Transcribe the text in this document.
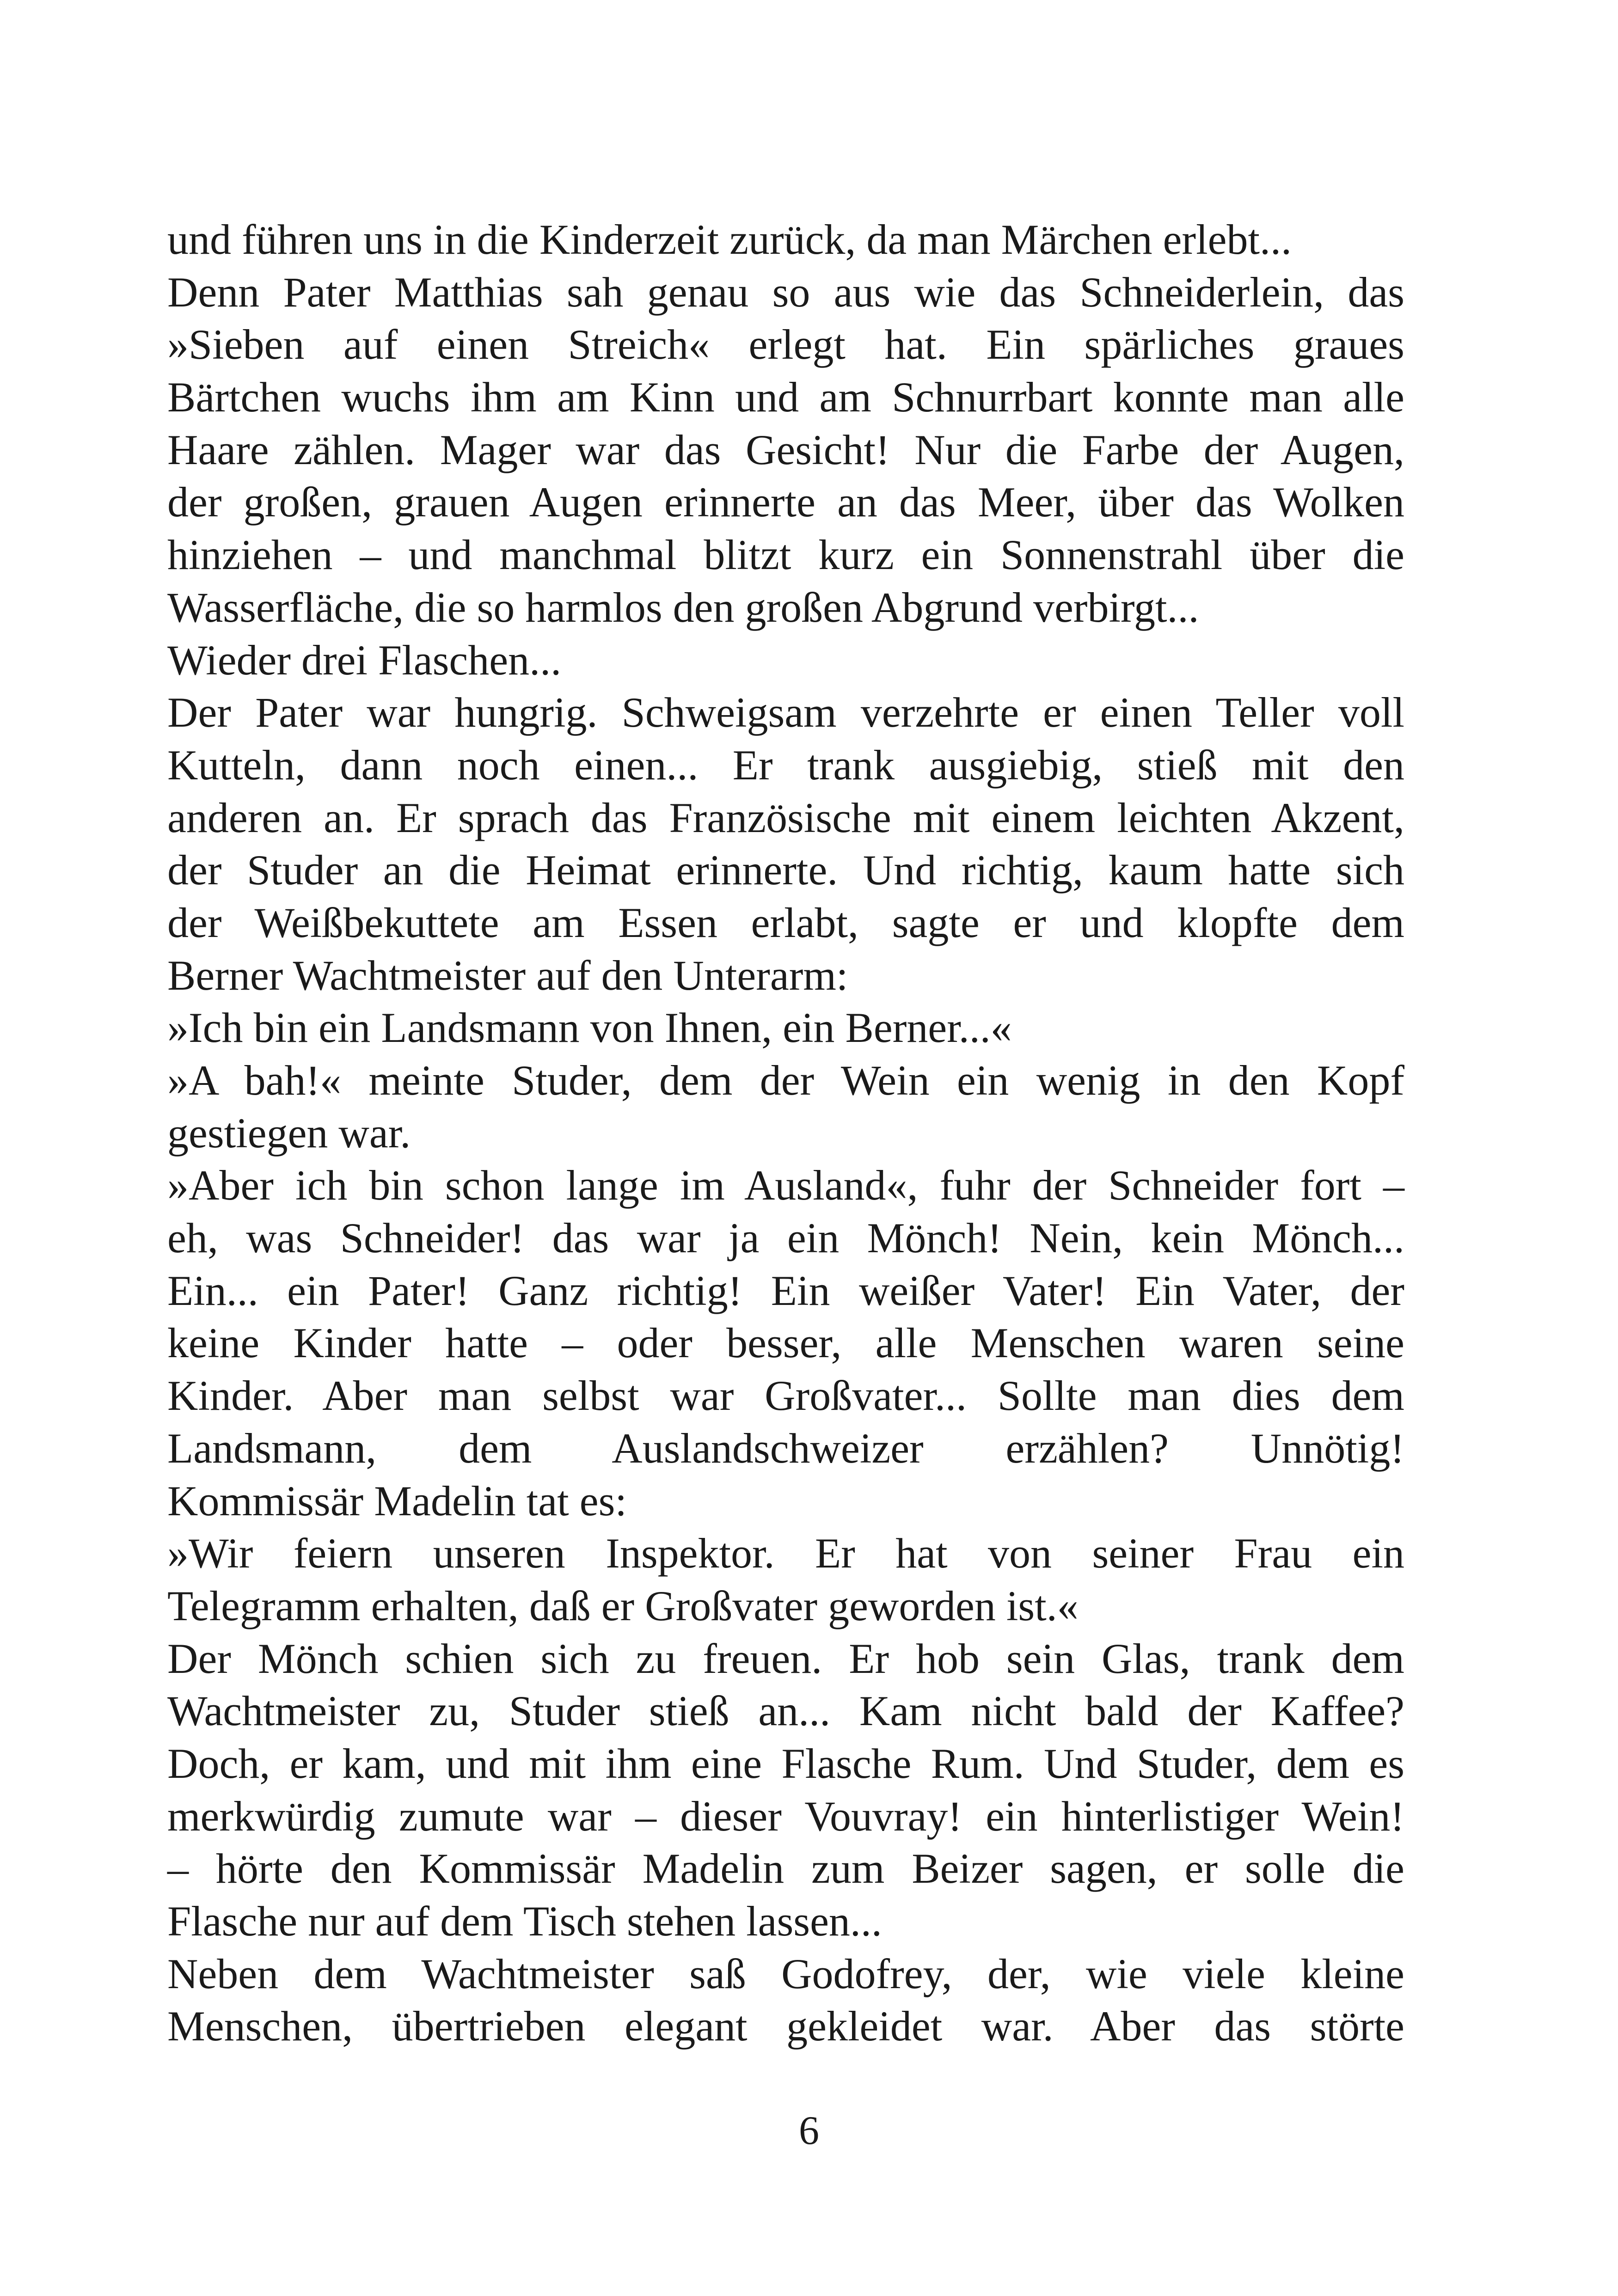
und führen uns in die Kinderzeit zurück, da man Märchen erlebt...
Denn Pater Matthias sah genau so aus wie das Schneiderlein, das
»Sieben auf einen Streich« erlegt hat. Ein spärliches graues
Bärtchen wuchs ihm am Kinn und am Schnurrbart konnte man alle
Haare zählen. Mager war das Gesicht! Nur die Farbe der Augen,
der großen, grauen Augen erinnerte an das Meer, über das Wolken
hinziehen – und manchmal blitzt kurz ein Sonnenstrahl über die
Wasserfläche, die so harmlos den großen Abgrund verbirgt...
Wieder drei Flaschen...
Der Pater war hungrig. Schweigsam verzehrte er einen Teller voll
Kutteln, dann noch einen... Er trank ausgiebig, stieß mit den
anderen an. Er sprach das Französische mit einem leichten Akzent,
der Studer an die Heimat erinnerte. Und richtig, kaum hatte sich
der Weißbekuttete am Essen erlabt, sagte er und klopfte dem
Berner Wachtmeister auf den Unterarm:
»Ich bin ein Landsmann von Ihnen, ein Berner...«
»A bah!« meinte Studer, dem der Wein ein wenig in den Kopf
gestiegen war.
»Aber ich bin schon lange im Ausland«, fuhr der Schneider fort –
eh, was Schneider! das war ja ein Mönch! Nein, kein Mönch...
Ein... ein Pater! Ganz richtig! Ein weißer Vater! Ein Vater, der
keine Kinder hatte – oder besser, alle Menschen waren seine
Kinder. Aber man selbst war Großvater... Sollte man dies dem
Landsmann, dem Auslandschweizer erzählen? Unnötig!
Kommissär Madelin tat es:
»Wir feiern unseren Inspektor. Er hat von seiner Frau ein
Telegramm erhalten, daß er Großvater geworden ist.«
Der Mönch schien sich zu freuen. Er hob sein Glas, trank dem
Wachtmeister zu, Studer stieß an... Kam nicht bald der Kaffee?
Doch, er kam, und mit ihm eine Flasche Rum. Und Studer, dem es
merkwürdig zumute war – dieser Vouvray! ein hinterlistiger Wein!
– hörte den Kommissär Madelin zum Beizer sagen, er solle die
Flasche nur auf dem Tisch stehen lassen...
Neben dem Wachtmeister saß Godofrey, der, wie viele kleine
Menschen, übertrieben elegant gekleidet war. Aber das störte
6
